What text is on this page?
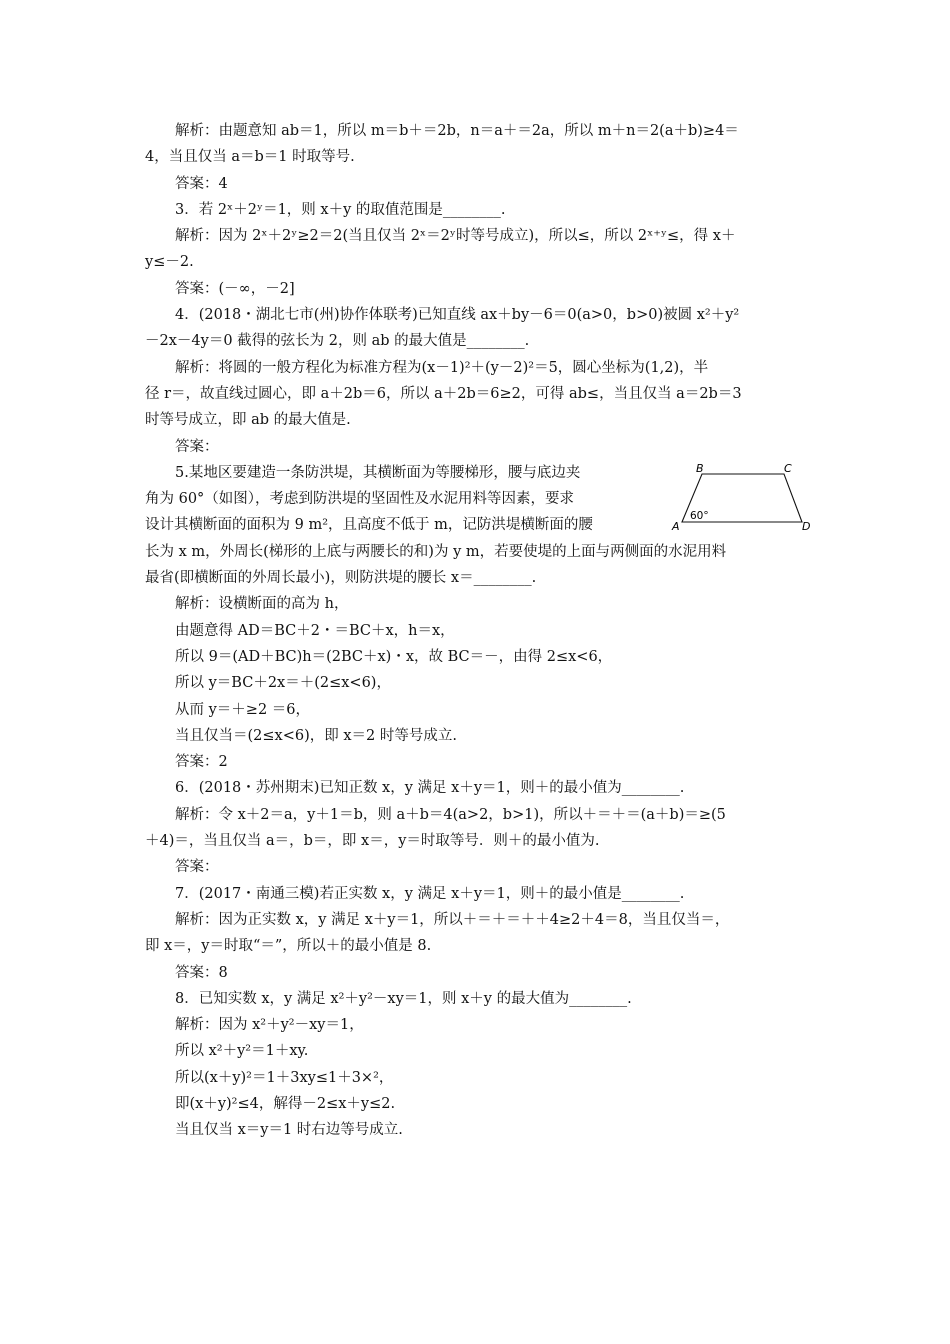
解析：由题意知 ab＝1，所以 m＝b＋＝2b，n＝a＋＝2a，所以 m＋n＝2(a＋b)≥4＝
4，当且仅当 a＝b＝1 时取等号.
答案：4
3．若 2ˣ＋2ʸ＝1，则 x＋y 的取值范围是________.
解析：因为 2ˣ＋2ʸ≥2＝2(当且仅当 2ˣ＝2ʸ时等号成立)，所以≤，所以 2ˣ⁺ʸ≤，得 x＋
y≤－2.
答案：(－∞，－2]
4．(2018・湖北七市(州)协作体联考)已知直线 ax＋by－6＝0(a>0，b>0)被圆 x²＋y²
－2x－4y＝0 截得的弦长为 2，则 ab 的最大值是________.
解析：将圆的一般方程化为标准方程为(x－1)²＋(y－2)²＝5，圆心坐标为(1,2)，半
径 r＝，故直线过圆心，即 a＋2b＝6，所以 a＋2b＝6≥2，可得 ab≤，当且仅当 a＝2b＝3
时等号成立，即 ab 的最大值是.
答案：
5.某地区要建造一条防洪堤，其横断面为等腰梯形，腰与底边夹
角为 60°（如图），考虑到防洪堤的坚固性及水泥用料等因素，要求
设计其横断面的面积为 9 m²，且高度不低于 m，记防洪堤横断面的腰
B	C
A	D
60°
长为 x m，外周长(梯形的上底与两腰长的和)为 y m，若要使堤的上面与两侧面的水泥用料
最省(即横断面的外周长最小)，则防洪堤的腰长 x＝________.
解析：设横断面的高为 h，
由题意得 AD＝BC＋2・＝BC＋x，h＝x，
所以 9＝(AD＋BC)h＝(2BC＋x)・x，故 BC＝－，由得 2≤x<6，
所以 y＝BC＋2x＝＋(2≤x<6)，
从而 y＝＋≥2 ＝6，
当且仅当＝(2≤x<6)，即 x＝2 时等号成立.
答案：2
6．(2018・苏州期末)已知正数 x，y 满足 x＋y＝1，则＋的最小值为________.
解析：令 x＋2＝a，y＋1＝b，则 a＋b＝4(a>2，b>1)，所以＋＝＋＝(a＋b)＝≥(5
＋4)＝，当且仅当 a＝，b＝，即 x＝，y＝时取等号．则＋的最小值为.
答案：
7．(2017・南通三模)若正实数 x，y 满足 x＋y＝1，则＋的最小值是________.
解析：因为正实数 x，y 满足 x＋y＝1，所以＋＝＋＝＋＋4≥2＋4＝8，当且仅当＝，
即 x＝，y＝时取“＝”，所以＋的最小值是 8.
答案：8
8．已知实数 x，y 满足 x²＋y²－xy＝1，则 x＋y 的最大值为________.
解析：因为 x²＋y²－xy＝1，
所以 x²＋y²＝1＋xy.
所以(x＋y)²＝1＋3xy≤1＋3×²，
即(x＋y)²≤4，解得－2≤x＋y≤2.
当且仅当 x＝y＝1 时右边等号成立.
